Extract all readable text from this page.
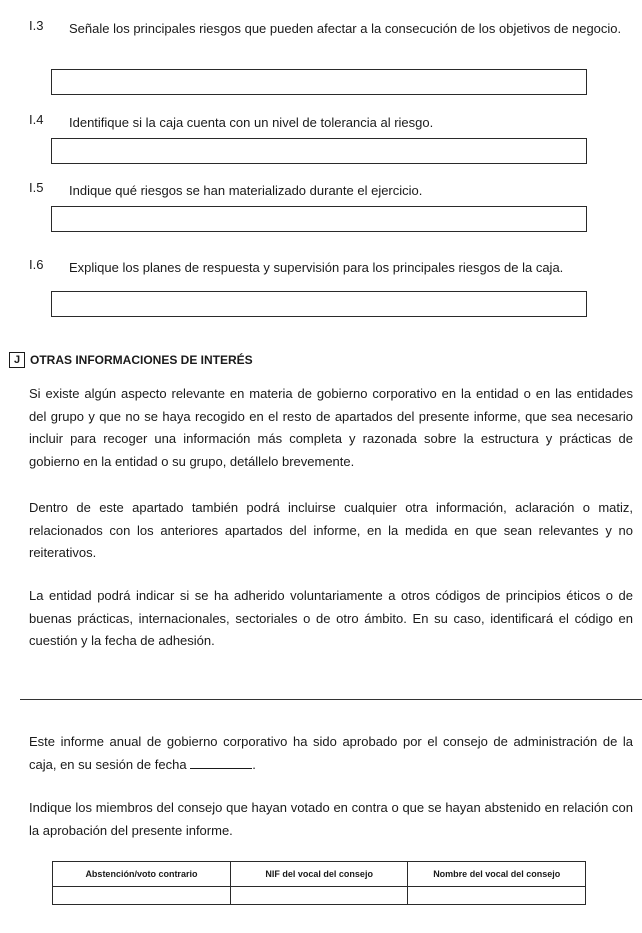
I.3 Señale los principales riesgos que pueden afectar a la consecución de los objetivos de negocio.
I.4 Identifique si la caja cuenta con un nivel de tolerancia al riesgo.
I.5 Indique qué riesgos se han materializado durante el ejercicio.
I.6 Explique los planes de respuesta y supervisión para los principales riesgos de la caja.
J OTRAS INFORMACIONES DE INTERÉS

Si existe algún aspecto relevante en materia de gobierno corporativo en la entidad o en las entidades del grupo y que no se haya recogido en el resto de apartados del presente informe, que sea necesario incluir para recoger una información más completa y razonada sobre la estructura y prácticas de gobierno en la entidad o su grupo, detállelo brevemente.

Dentro de este apartado también podrá incluirse cualquier otra información, aclaración o matiz, relacionados con los anteriores apartados del informe, en la medida en que sean relevantes y no reiterativos.

La entidad podrá indicar si se ha adherido voluntariamente a otros códigos de principios éticos o de buenas prácticas, internacionales, sectoriales o de otro ámbito. En su caso, identificará el código en cuestión y la fecha de adhesión.

Este informe anual de gobierno corporativo ha sido aprobado por el consejo de administración de la caja, en su sesión de fecha	.

Indique los miembros del consejo que hayan votado en contra o que se hayan abstenido en relación con la aprobación del presente informe.

Abstención/voto contrario	NIF del vocal del consejo	Nombre del vocal del consejo
